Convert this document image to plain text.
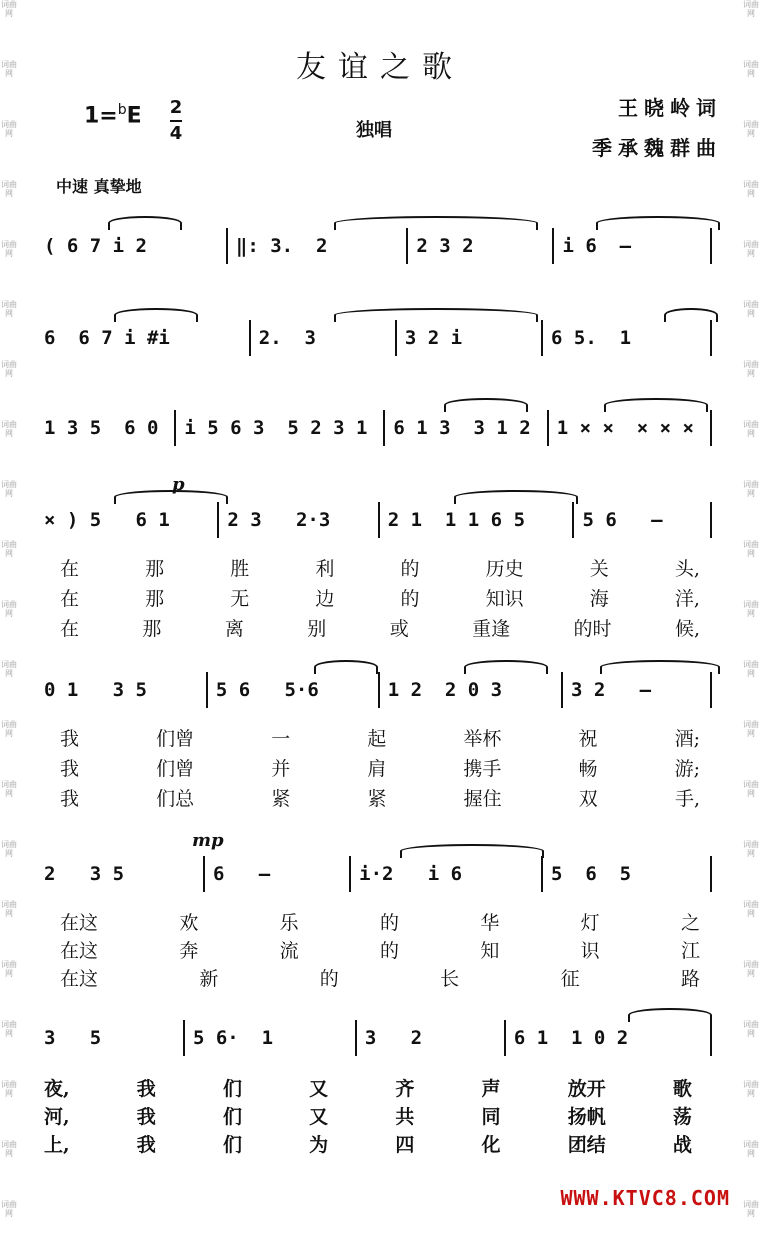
词曲网
词曲网
词曲网
词曲网
词曲网
词曲网
词曲网
词曲网
词曲网
词曲网
词曲网
词曲网
词曲网
词曲网
词曲网
词曲网
词曲网
词曲网
词曲网
词曲网
词曲网
词曲网
词曲网
词曲网
词曲网
词曲网
词曲网
词曲网
词曲网
词曲网
词曲网
词曲网
词曲网
词曲网
词曲网
词曲网
词曲网
词曲网
词曲网
词曲网
词曲网
词曲网
友谊之歌
1=$^b$E 2
4	独唱
王晓岭词
季承魏群曲
中速 真挚地
( 6 7 i 2	‖: 3.  2	2 3 2	i 6  —
6  6 7 i #i	2.  3	3 2 i	6 5.  1
1 3 5  6 0	i 5 6 3  5 2 3 1	6 1 3  3 1 2	1 × ×  × × ×
× ) 5   6 1	2 3   2·3	2 1  1 1 6 5	5 6   —
p
在	那	胜	利	的	历史	关	头,
在	那	无	边	的	知识	海	洋,
在	那	离	别	或	重逢	的时	候,
0 1   3 5	5 6   5·6	1 2  2 0 3	3 2   —
我	们曾	一	起	举杯	祝	酒;
我	们曾	并	肩	携手	畅	游;
我	们总	紧	紧	握住	双	手,
2   3 5	6   —	i·2   i 6	5  6  5
mp
在这	欢	乐	的	华	灯	之
在这	奔	流	的	知	识	江
在这	新	的	长	征	路
3   5	5 6·  1	3   2	6 1  1 0 2
夜,	我	们	又	齐	声	放开	歌
河,	我	们	又	共	同	扬帆	荡
上,	我	们	为	四	化	团结	战
WWW.KTVC8.COM
